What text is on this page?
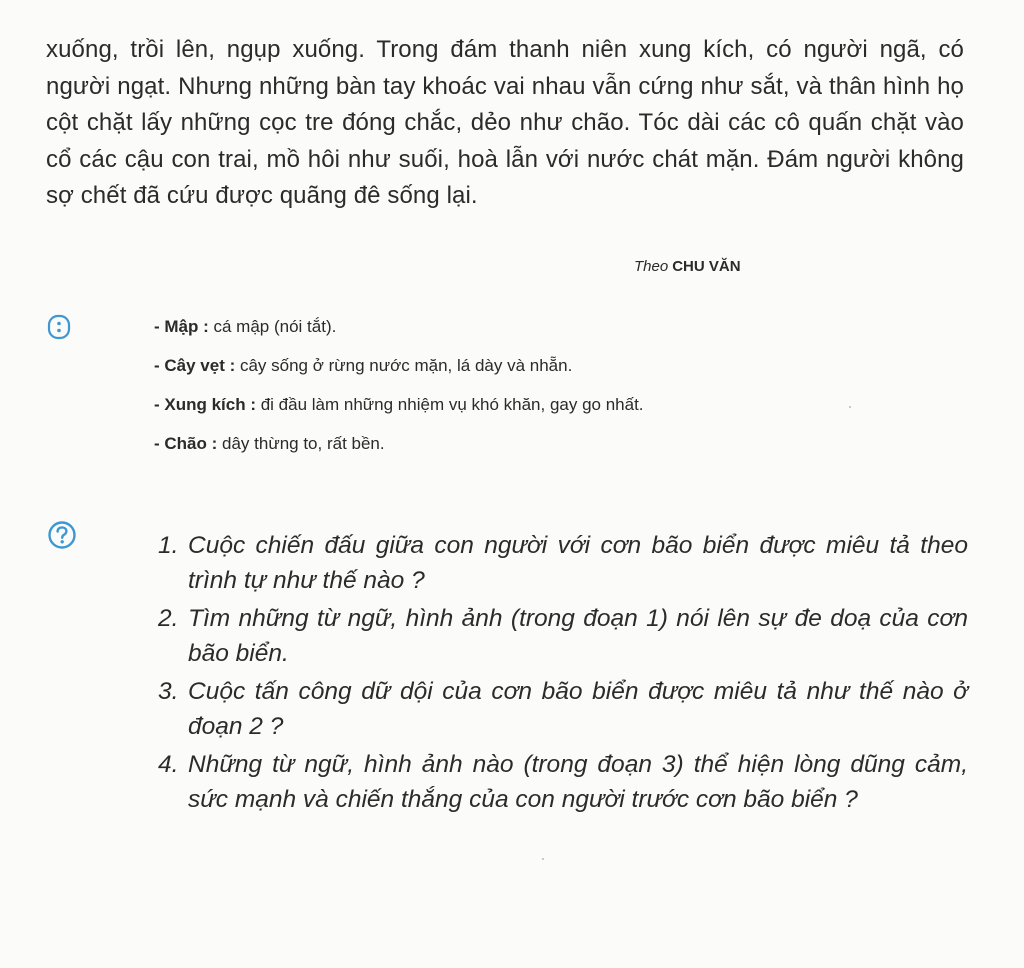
xuống, trồi lên, ngụp xuống. Trong đám thanh niên xung kích, có người ngã, có người ngạt. Nhưng những bàn tay khoác vai nhau vẫn cứng như sắt, và thân hình họ cột chặt lấy những cọc tre đóng chắc, dẻo như chão. Tóc dài các cô quấn chặt vào cổ các cậu con trai, mồ hôi như suối, hoà lẫn với nước chát mặn. Đám người không sợ chết đã cứu được quãng đê sống lại.

Theo CHU VĂN
- Mập : cá mập (nói tắt).
- Cây vẹt : cây sống ở rừng nước mặn, lá dày và nhẵn.
- Xung kích : đi đầu làm những nhiệm vụ khó khăn, gay go nhất.
- Chão : dây thừng to, rất bền.
1. Cuộc chiến đấu giữa con người với cơn bão biển được miêu tả theo trình tự như thế nào ?
2. Tìm những từ ngữ, hình ảnh (trong đoạn 1) nói lên sự đe doạ của cơn bão biển.
3. Cuộc tấn công dữ dội của cơn bão biển được miêu tả như thế nào ở đoạn 2 ?
4. Những từ ngữ, hình ảnh nào (trong đoạn 3) thể hiện lòng dũng cảm, sức mạnh và chiến thắng của con người trước cơn bão biển ?
